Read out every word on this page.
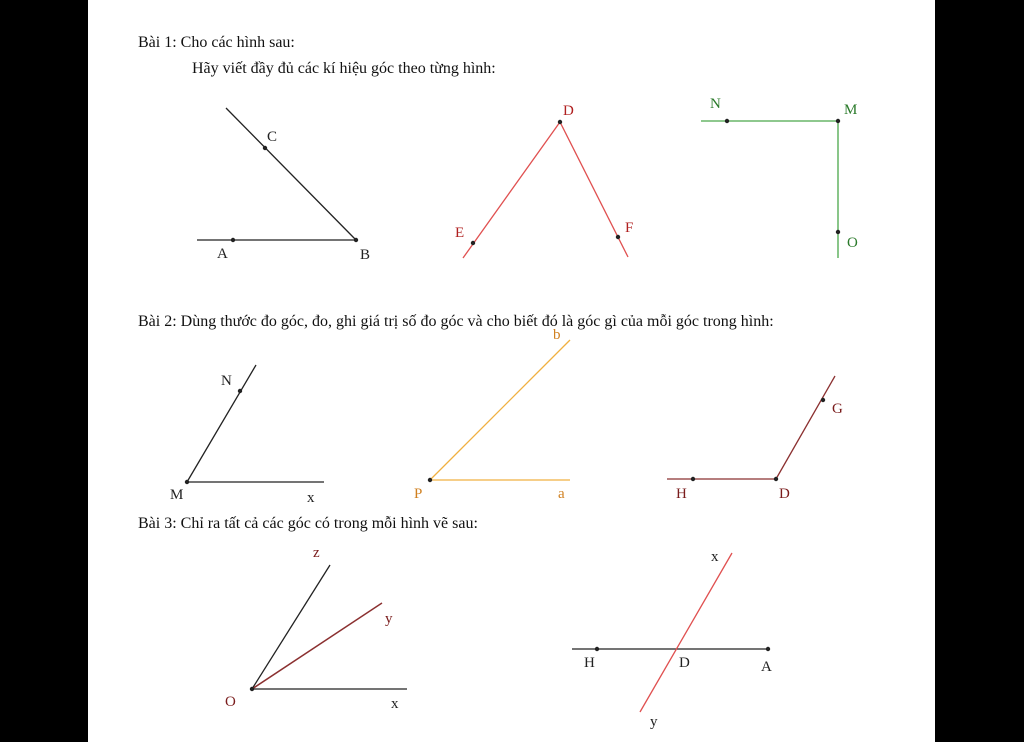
Bài 1: Cho các hình sau:
Hãy viết đầy đủ các kí hiệu góc theo từng hình:
Bài 2: Dùng thước đo góc, đo, ghi giá trị số đo góc và cho biết đó là góc gì của mỗi góc trong hình:
Bài 3: Chỉ ra tất cả các góc có trong mỗi hình vẽ sau:
C
A	B
D
E	F
N	M
O
N
M	x
b
P	a
G
H	D
z
y
O	x
x
H	D	A
y
